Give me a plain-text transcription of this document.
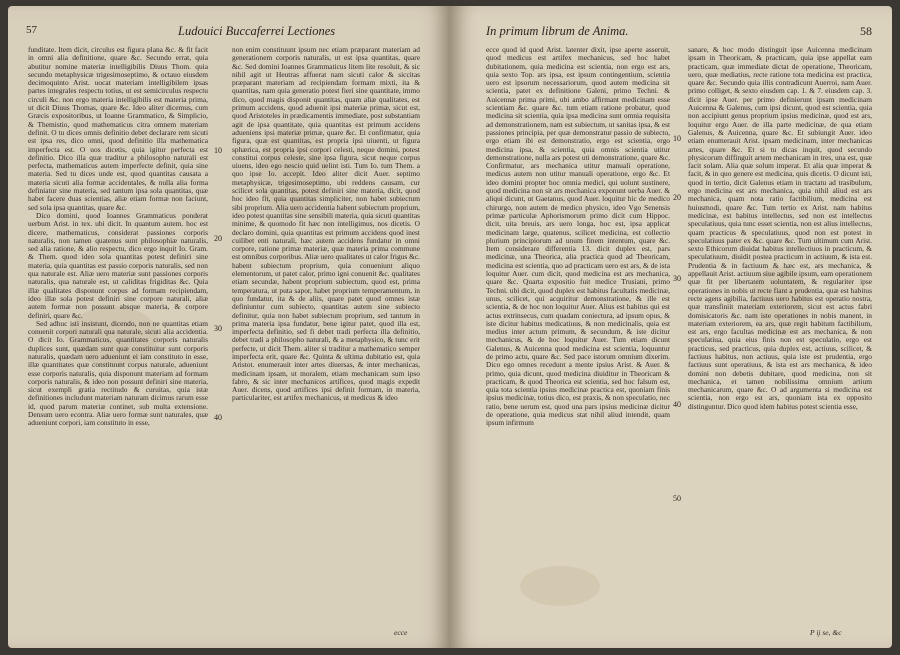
57	Ludouici Buccaferrei Lectiones

funditate. Item dicit, circulus est figura plana &c. & fit facit in omni alia definitione, quare &c. Secundo errat, quia abutitur nomine materiæ intelligibilis Diuus Thom. quia secundo metaphysicæ trigesimoseptimo, & octauo eiusdem decimoquinto Arist. uocat materiam intelligibilem ipsas partes integrales respectu totius, ut est semicirculus respectu circuli &c. non ergo materia intelligibilis est materia prima, ut dicit Diuus Thomas, quare &c. Ideo aliter dicemus, cum Græcis expositoribus, ut Ioanne Grammatico, & Simplicio, & Themistio, quod mathematicus citra omnem materiam definit. O tu dices omnis definitio debet declarare rem sicuti est ipsa res, dico omni, quod definitio illa mathematica imperfecta est. O uos dicetis, quia igitur perfecta est definitio. Dico illa quæ traditur a philosopho naturali est perfecta, mathematicus autem imperfecte definit, quia sine materia. Sed tu dices unde est, quod quantitas causata a materia sicuti alia formæ accidentales, & nulla alia forma definiatur sine materia, sed tantum ipsa sola quantitas, quæ habet facere duas scientias, aliæ etiam formæ non faciunt, sed sola ipsa quantitas, quare &c.

Dico domini, quod Ioannes Grammaticus ponderat uerbum Arist. in tex. ubi dicit. In quantum autem. hoc est dicere, mathematicus, considerat passiones corporis naturalis, non tamen quatenus sunt philosophiæ naturalis, sed alia ratione, & alio respectu, dico ergo inquit Io. Gram. & Them. quod ideo sola quantitas potest definiri sine materia, quia quantitas est passio corporis naturalis, sed non qua naturale est. Aliæ uero materiæ sunt passiones corporis naturalis, qua naturale est, ut caliditas frigiditas &c. Quia illæ qualitates disponunt corpus ad formam recipiendam, ideo illæ sola potest definiri sine corpore naturali, aliæ autem formæ non possunt absque materia, & corpore definiri, quare &c.

Sed adhuc isti insistunt, dicendo, non ne quantitas etiam conuenit corpori naturali qua naturale, sicuti alia accidentia. O dicit Io. Grammaticus, quantitates corporis naturalis duplices sunt, quædam sunt quæ constituitur sunt corporis naturalis, quædam uero adueniunt ei iam constituto in esse, illæ quantitates quæ constituunt corpus naturale, adueniunt esse corporis naturalis, quia disponunt materiam ad formam corporis naturalis, & ideo non possunt definiri sine materia, sicut exempli gratia rectitudo & curuitas, quia istæ definitiones includunt materiam naturam dicimus rarum esse id, quod parum materiæ continet, sub multa extensione. Densum uero econtra. Aliæ uero formæ sunt naturales, quæ adueniunt corpori, iam constituto in esse,

10
20
30
40

non enim constituunt ipsum nec etiam præparant materiam ad generationem corporis naturalis, ut est ipsa quantitas, quare &c. Sed domini Ioannes Grammaticus litem lite resoluit, & sic nihil agit ut Heutras affuerat nam sicuti calor & siccitas præparant materiam ad recipiendam formam mixti, ita & quantitas, nam quia generatio potest fieri sine quantitate, immo dico, quod magis disponit quantitas, quam aliæ qualitates, est primum accidens, quod aduenit ipsi materiæ primæ, sicut est, quod Aristoteles in prædicamentis immediate, post substantiam agit de ipsa quantitate, quia quantitas est primum accidens adueniens ipsi materiæ primæ, quare &c. Et confirmatur, quia figura, quæ est quantitas, est propria ipsi uiuenti, ut figura sphærica, est propria ipsi corpori celesti, neque domini, potest constitui corpus celeste, sine ipsa figura, sicut neque corpus uiuens, ideo ego nescio quid uelint isti. Tum Io. tum Them. a quo ipse Io. accepit. Ideo aliter dicit Auer. septimo metaphysicæ, trigesimoseptimo, ubi reddens causam, cur scilicet sola quantitas, potest definiri sine materia, dicit, quod hoc ideo fit, quia quantitas simpliciter, non habet subiectum sibi proprium. Alia uero accidentia habent subiectum proprium, ideo potest quantitas sine sensibili materia, quia sicuti quantitas minime, & quomodo fit hæc non intelligimus, nos dicetis. O declaro domini, quia quantitas est primum accidens quod inest cuilibet enti naturali, hæc autem accidens fundatur in omni corpore, ratione primæ materiæ, quæ materia prima commune est omnibus corporibus. Aliæ uero qualitates ut calor frigus &c. habent subiectum proprium, quia conueniunt aliquo elementorum, ut patet calor, primo igni conuenit &c. qualitates etiam secundæ, habent proprium subiectum, quod est, prima temperatura, ut puta sapor, habet proprium temperamentum, in quo fundatur, ita & de aliis, quare patet quod omnes istæ definiuntur cum subiecto, quantitas autem sine subiecto definitur, quia non habet subiectum proprium, sed tantum in prima materia ipsa fundatur, bene igitur patet, quod illa est, imperfecta definitio, sed fi debet tradi perfecta illa definitio, debet tradi a philosopho naturali, & a metaphysico, & tunc erit perfecte, ut dicit Them. aliter si traditur a mathematico semper imperfecta erit, quare &c. Quinta & ultima dubitatio est, quia Aristot. enumerauit inter artes diuersas, & inter mechanicas, medicinam ipsam, ut moralem, etiam mechanicam sum ipso fabro, & sic inter mechanicos artifices, quod magis expedit Auer. dicens, quod artifices ipsi definit formam, in materia, particulariter, est artifex mechanicus, ut medicus & ideo

ecce
In primum librum de Anima.	58

ecce quod id quod Arist. latenter dixit, ipse aperte asseruit, quod medicus est artifex mechanicus, sed hoc habet dubitationem, quia medicina est scientia, non ergo est ars, quia sexto Top. ars ipsa, est ipsum contingentium, scientia uero est ipsorum necessariorum, quod autem medicina sit scientia, patet ex definitione Galeni, primo Techni. & Auicennæ prima primi, ubi ambo affirmant medicinam esse scientiam &c. quare &c. tum etiam ratione probatur, quod medicina sit scientia, quia ipsa medicina sunt omnia requisita ad demonstrationem, nam est subiectum, ut sanitas ipsa, & est passiones principia, per quæ demonstratur passio de subiecto, ergo etiam ibi est demonstratio, ergo est scientia, ergo medicina ipsa, & scientia, quia omnis scientia utitur demonstratione, nulla ars potest uti demonstratione, quare &c. Confirmatur, ars mechanica utitur manuali operatione, medicus autem non utitur manuali operatione, ergo &c. Et ideo domini propter hoc omnia medici, qui uolunt sustinere, quod medicina non sit ars mechanica exponunt uerba Auer. & aliqui dicunt, ut Gaetanus, quod Auer. loquitur hic de medico chirurgo, non autem de medico physico, ideo Vgo Senensis primæ particulæ Aphorismorum primo dicit cum Hippoc. dicit, uita breuis, ars uero longa, hoc est, ipsa applicat medicinam large, quatenus, scilicet medicina, est collectio plurium principiorum ad unum finem intentum, quare &c. Item considerare differentia 13. dicit duplex est, pars medicinæ, una Theorica, alia practica quod ad Theoricam, medicina est scientia, quo ad practicam uero est ars, & de ista loquitur Auer. cum dicit, quod medicina est ars mechanica, quare &c. Quarta expositio fuit medice Trusiani, primo Techni. ubi dicit, quod duplex est habitus facultatis medicinæ, unus, scilicet, qui acquiritur demonstratione, & ille est scientia, & de hoc non loquitur Auer. Alius est habitus qui est actus extrinsecus, cum quadam coniectura, ad ipsum opus, & iste dicitur habitus medicatiuus, & non medicinalis, quia est medius inter actum primum, & secundum, & iste dicitur mechanicus, & de hoc loquitur Auer. Tum etiam dicunt Galenus, & Auicenna quod medicina est scientia, loquuntur de primo actu, quare &c. Sed pace istorum omnium dixerim. Dico ego omnes recedunt a mente ipsius Arist. & Auer. & primo, quia dicunt, quod medicina diuiditur in Theoricam & practicam, & quod Theorica est scientia, sed hoc falsum est, quia tota scientia ipsius medicinæ practica est, quoniam finis ipsius medicinæ, totius dico, est praxis, & non speculatio, nec ratio, bene uerum est, quod una pars ipsius medicinæ dicitur de operatione, quia medicus stat nihil aliud intendit, quam ipsum infirmum

10
20
30
40
50

sanare, & hoc modo distinguit ipse Auicenna medicinam ipsam in Theoricam, & practicam, quia ipse appellat eam practicam, quæ immediate dictat de operatione, Theoricam, uero, quæ mediatius, recte ratione tota medicina est practica, quare &c. Secundo quia illis contradicunt Auerroi, nam Auer. primo colliget, & sexto eiusdem cap. 1. & 7. eiusdem cap. 3. dicit ipse Auer. per primo definierunt ipsam medicinam Auicenna & Galenus, cum ipsi dicunt, quod est scientia, quia non accipiunt genus proprium ipsius medicinæ, quod est ars, loquitur ergo Auer. de illa parte medicinæ, de qua etiam Galenus, & Auicenna, quare &c. Et subiungit Auer. ideo etiam enumerauit Arist. ipsam medicinam, inter mechanicas artes, quare &c. Et si tu dicas inquit, quod secundo physicorum diffinguit artem mechanicam in tres, una est, quæ facit solam. Alia quæ solum imperat. Et alia quæ imperat & facit, & in quo genere est medicina, quis dicetis. O dicunt isti, quod in tertio, dicit Galenus etiam in tractatu ad trasibulum, ergo medicina est ars mechanica, quia nihil aliud est ars mechanica, quam nota ratio factibilium, medicina est huiusmodi, quare &c. Tum tertio ex Arist. nam habitus medicinæ, est habitus intellectus, sed non est intellectus speculatiuus, quia tunc esset scientia, non est alius intellectus, quam practicus & speculatiuus, quod non est potest in speculatiuus pater ex &c. quare &c. Tum ultimum cum Arist. sexto Ethicorum diuidat habitus intellectiuos in practicum, & speculatiuum, diuidit postea practicum in actiuum, & ista est. Prudentia & in factiuum & hæc est, ars mechanica, & appellauit Arist. actiuum siue agibile ipsum, eam operationem quæ fit per libertatem uoluntatem, & regulariter ipse operationes in nobis ut recte fiant a prudentia, quæ est habitus recte agens agibilia, factiuus uero habitus est operatio nostra, quæ transfiniit materiam exteriorem, sicut est actus fabri domisicatoris &c. nam iste operationes in nobis manent, in materiam exteriorem, ea ars, quæ regit habitum factibilium, est ars, ergo facultas medicinæ est ars mechanica, & non speculatiua, quia eius finis non est speculatio, ergo est practicus, sed practicus, quia duplex est, actiuus, scilicet, & factiuus habitus, non actiuus, quia iste est prudentia, ergo factiuus sunt operatiuus, & ista est ars mechanica, & ideo domini non debetis dubitare, quod medicina, non sit mechanica, et tamen nobilissima omnium artium mechanicarum, quare &c. O ad argumenta si medicina est scientia, non ergo est ars, quoniam ista ex opposito distinguntur. Dico quod idem habitus potest scientia esse,

P ij se, &c
